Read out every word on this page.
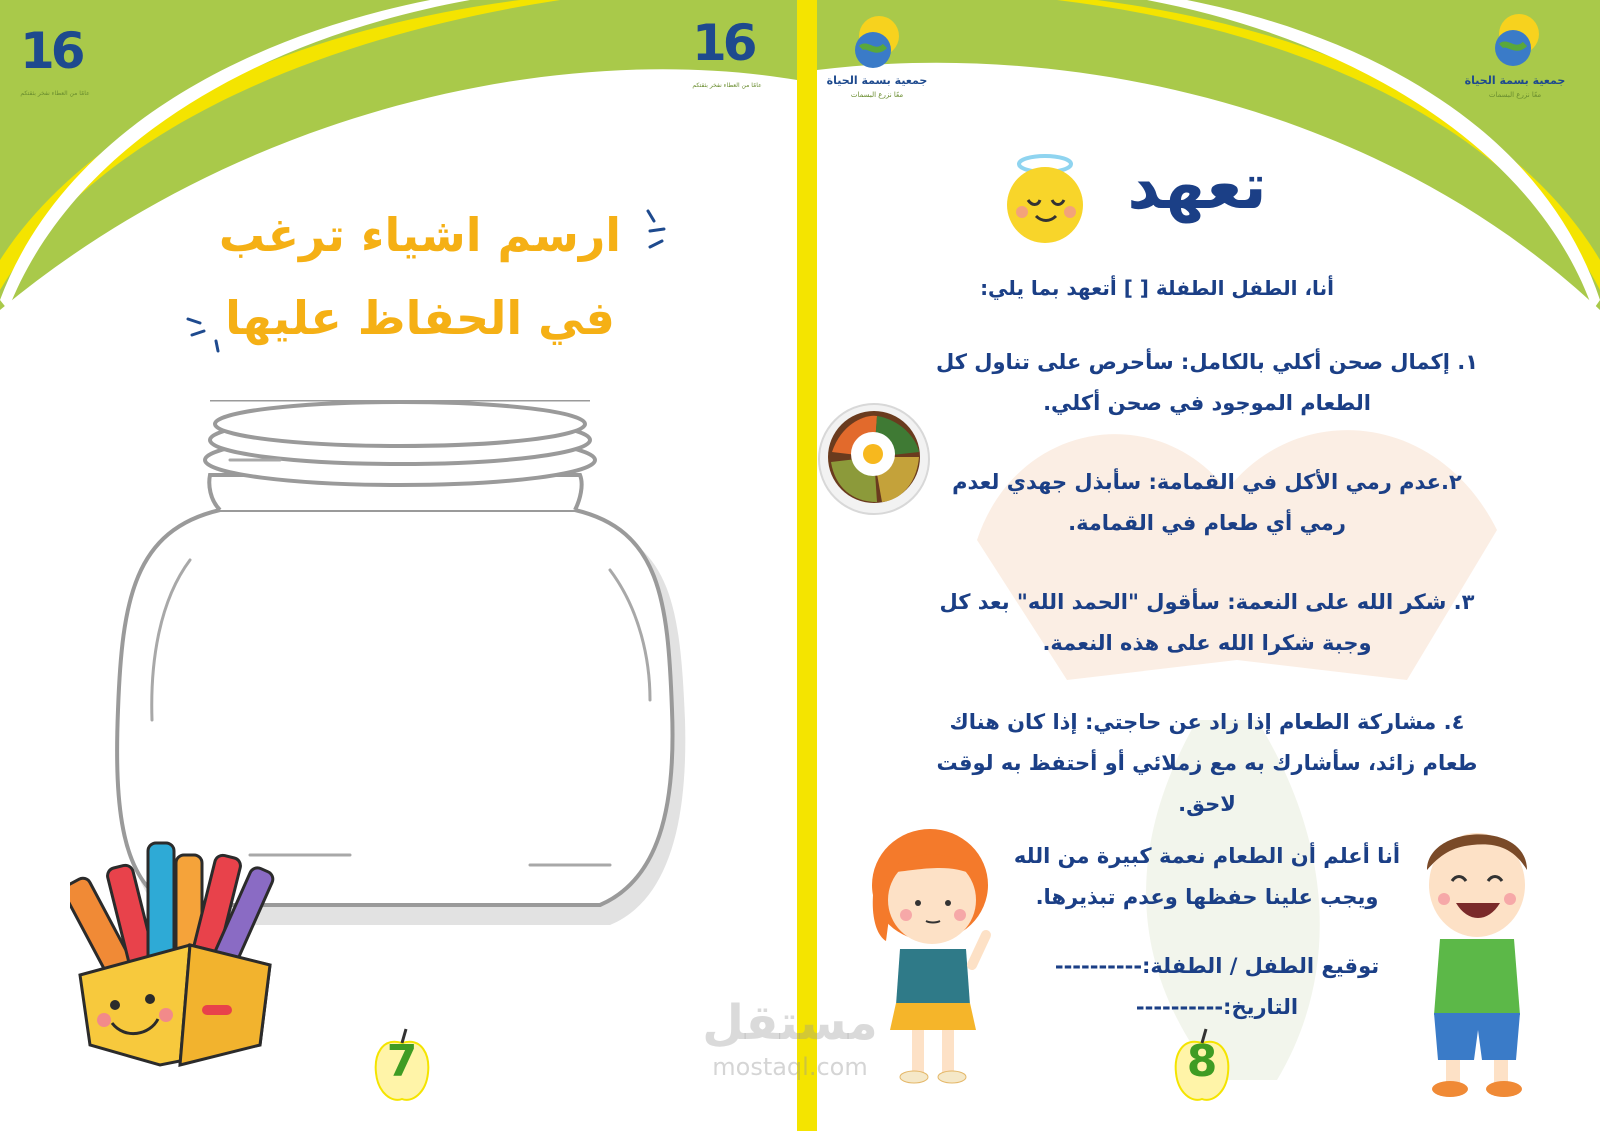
16
عامًا من العطاء نفخر بثقتكم
16
عامًا من العطاء نفخر بثقتكم
ارسم اشياء ترغب
في الحفاظ عليها
7
جمعية بسمة الحياة
معًا نزرع البسمات
جمعية بسمة الحياة
معًا نزرع البسمات
تعهد
أنا، الطفل الطفلة [ ] أتعهد بما يلي:
١. إكمال صحن أكلي بالكامل: سأحرص على تناول كل
الطعام الموجود في صحن أكلي.
٢.عدم رمي الأكل في القمامة: سأبذل جهدي لعدم
رمي أي طعام في القمامة.
٣. شكر الله على النعمة: سأقول "الحمد الله" بعد كل
وجبة شكرا الله على هذه النعمة.
٤. مشاركة الطعام إذا زاد عن حاجتي: إذا كان هناك
طعام زائد، سأشارك به مع زملائي أو أحتفظ به لوقت
لاحق.
أنا أعلم أن الطعام نعمة كبيرة من الله
ويجب علينا حفظها وعدم تبذيرها.
توقيع الطفل / الطفلة:----------
التاريخ:----------
8
مستقل
mostaql.com
